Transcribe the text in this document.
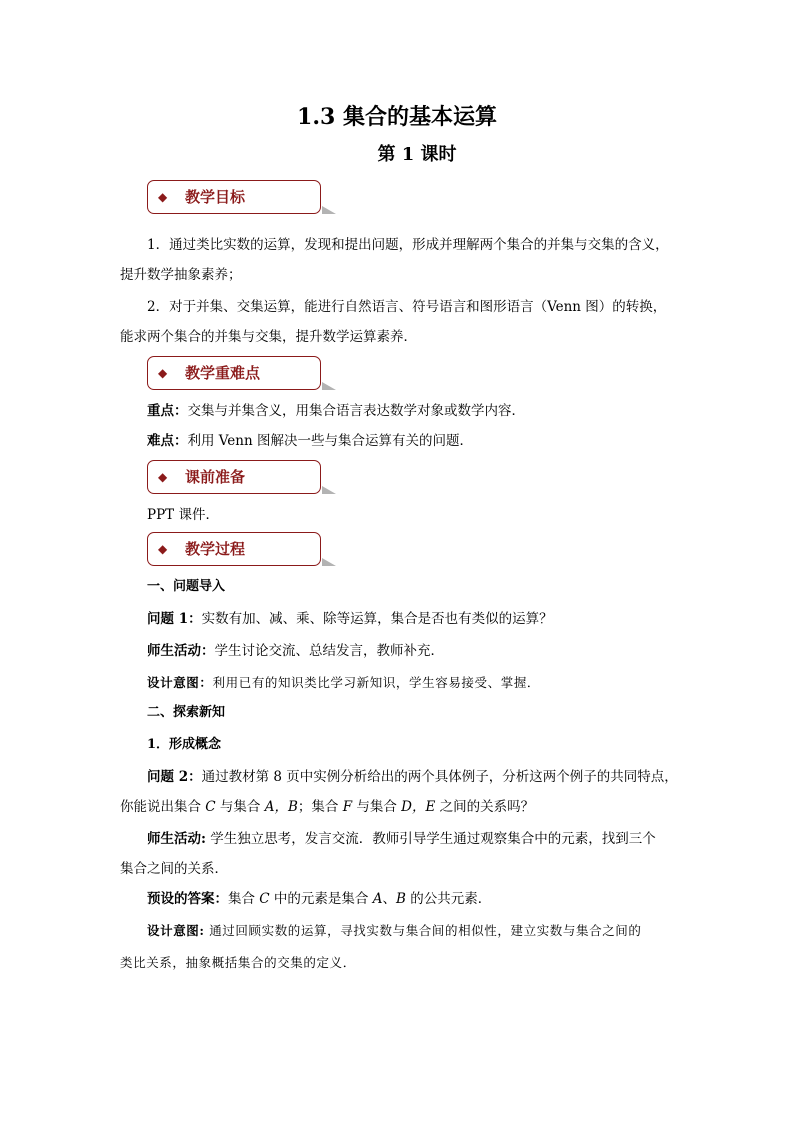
1.3 集合的基本运算
第 1 课时
◆ 教学目标
1．通过类比实数的运算，发现和提出问题，形成并理解两个集合的并集与交集的含义，
提升数学抽象素养；
2．对于并集、交集运算，能进行自然语言、符号语言和图形语言（Venn 图）的转换，
能求两个集合的并集与交集，提升数学运算素养．
◆ 教学重难点
重点：交集与并集含义，用集合语言表达数学对象或数学内容．
难点：利用 Venn 图解决一些与集合运算有关的问题．
◆ 课前准备
PPT 课件．
◆ 教学过程
一、问题导入
问题 1：实数有加、减、乘、除等运算，集合是否也有类似的运算？
师生活动：学生讨论交流、总结发言，教师补充．
设计意图：利用已有的知识类比学习新知识，学生容易接受、掌握．
二、探索新知
1．形成概念
问题 2：通过教材第 8 页中实例分析给出的两个具体例子，分析这两个例子的共同特点，
你能说出集合 C 与集合 A，B；集合 F 与集合 D，E 之间的关系吗？
师生活动: 学生独立思考，发言交流．教师引导学生通过观察集合中的元素，找到三个
集合之间的关系．
预设的答案：集合 C 中的元素是集合 A、B 的公共元素．
设计意图: 通过回顾实数的运算，寻找实数与集合间的相似性，建立实数与集合之间的
类比关系，抽象概括集合的交集的定义．
